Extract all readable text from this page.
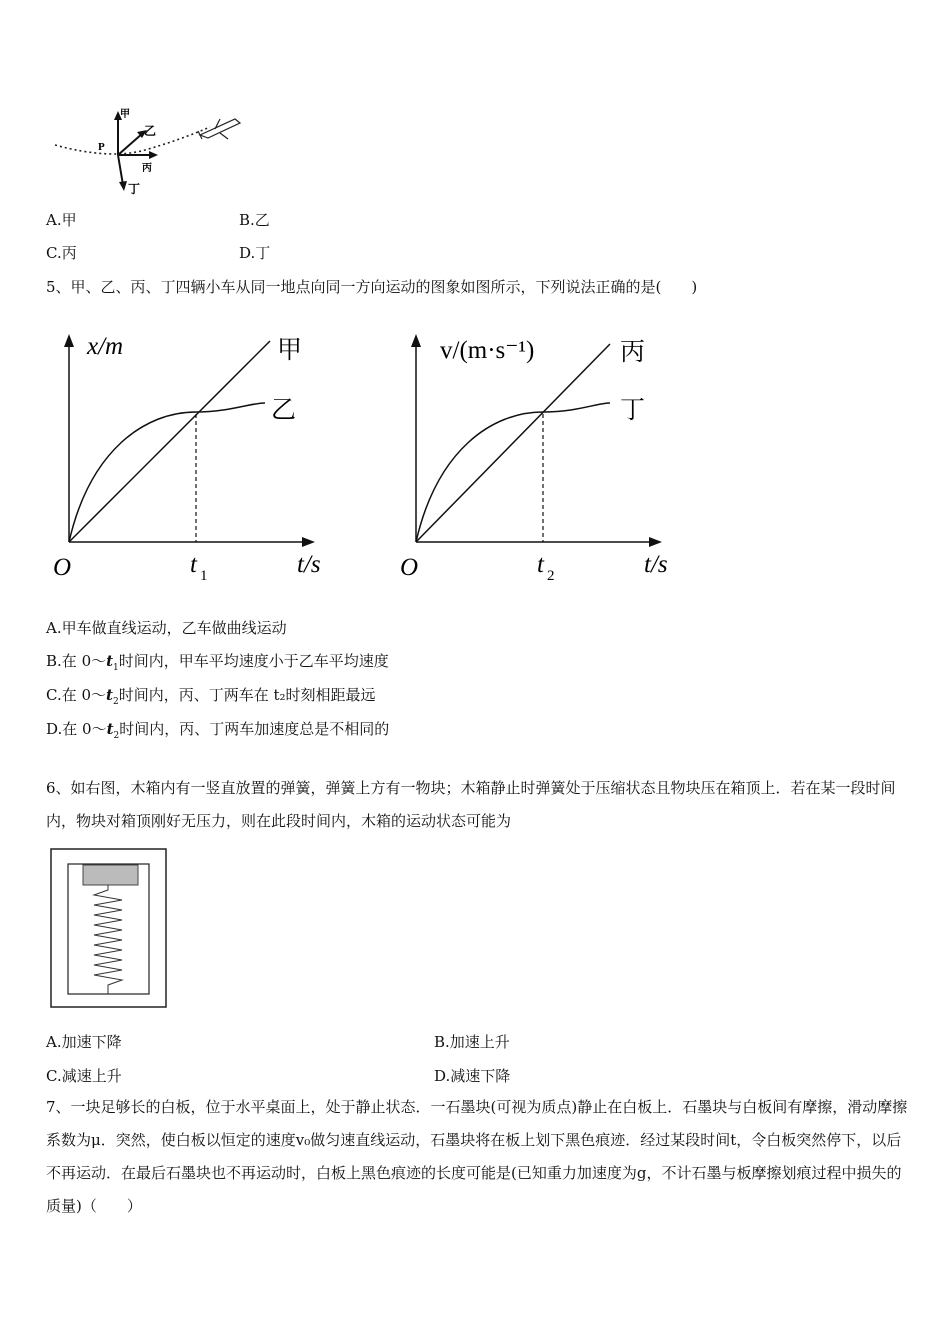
P
甲
乙
丙
丁
A.甲	B.乙
C.丙	D.丁
5、甲、乙、丙、丁四辆小车从同一地点向同一方向运动的图象如图所示，下列说法正确的是(　　)
x/m	甲
乙
O	t 1	t/s
v/(m·s⁻¹)	丙
丁
O	t 2	t/s
A.甲车做直线运动，乙车做曲线运动
B.在 $0\sim t_1$时间内，甲车平均速度小于乙车平均速度
C.在 $0\sim t_2$时间内，丙、丁两车在 t₂时刻相距最远
D.在 $0\sim t_2$时间内，丙、丁两车加速度总是不相同的
6、如右图，木箱内有一竖直放置的弹簧，弹簧上方有一物块；木箱静止时弹簧处于压缩状态且物块压在箱顶上．若在某一段时间内，物块对箱顶刚好无压力，则在此段时间内，木箱的运动状态可能为
A.加速下降	B.加速上升
C.减速上升	D.减速下降
7、一块足够长的白板，位于水平桌面上，处于静止状态．一石墨块(可视为质点)静止在白板上．石墨块与白板间有摩擦，滑动摩擦系数为μ．突然，使白板以恒定的速度v₀做匀速直线运动，石墨块将在板上划下黑色痕迹．经过某段时间t，令白板突然停下，以后不再运动．在最后石墨块也不再运动时，白板上黑色痕迹的长度可能是(已知重力加速度为g，不计石墨与板摩擦划痕过程中损失的质量)（　　）
